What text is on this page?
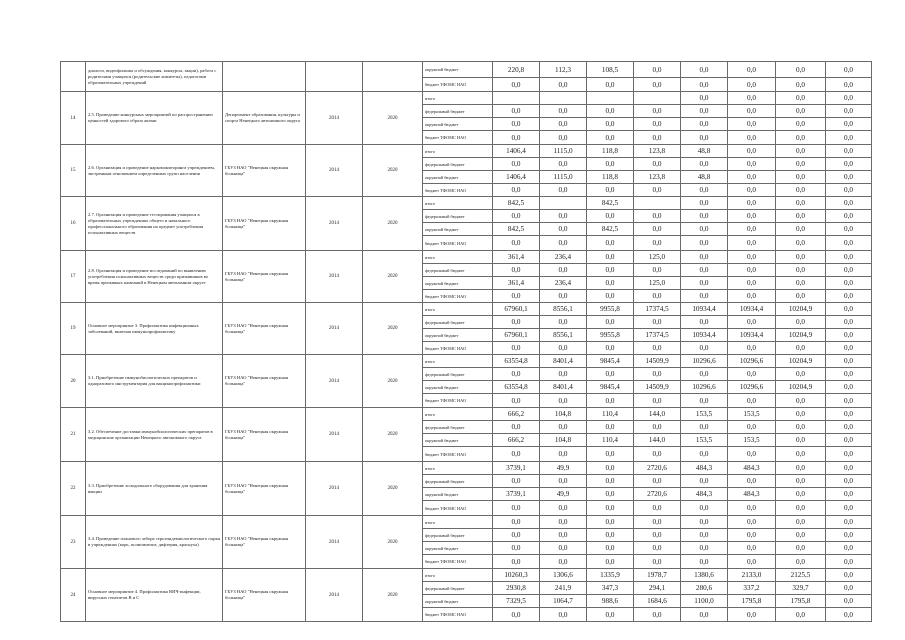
	диалоги, видеофильмы и обсуждения, конкурсы, акции), работа с родителями учащихся (родительские комитеты), педагогами образовательных учреждений				окружной бюджет	220,8	112,3	108,5	0,0	0,0	0,0	0,0	0,0
					бюджет ТФОМС НАО	0,0	0,0	0,0	0,0	0,0	0,0	0,0	0,0
14	2.5. Проведение конкурсных мероприятий по распространению ценностей здорового образа жизни	Департамент образования, культуры и спорта Ненецкого автономного округа	2014	2020	итого					0,0	0,0	0,0	0,0
					федеральный бюджет	0,0	0,0	0,0	0,0	0,0	0,0	0,0	0,0
					окружной бюджет	0,0	0,0	0,0	0,0	0,0	0,0	0,0	0,0
					бюджет ТФОМС НАО	0,0	0,0	0,0	0,0	0,0	0,0	0,0	0,0
15	2.6. Организация и проведение наркомониторинга учреждением, экстренным отношением определенных групп населения	ГБУЗ НАО "Ненецкая окружная больница"	2014	2020	итого	1406,4	1115,0	118,8	123,8	48,8	0,0	0,0	0,0
					федеральный бюджет	0,0	0,0	0,0	0,0	0,0	0,0	0,0	0,0
					окружной бюджет	1406,4	1115,0	118,8	123,8	48,8	0,0	0,0	0,0
					бюджет ТФОМС НАО	0,0	0,0	0,0	0,0	0,0	0,0	0,0	0,0
16	2.7. Организация и проведение тестирования учащихся в образовательных учреждениях общего и начального профессионального образования на предмет употребления психоактивных веществ	ГБУЗ НАО "Ненецкая окружная больница"	2014	2020	итого	842,5		842,5		0,0	0,0	0,0	0,0
					федеральный бюджет	0,0	0,0	0,0	0,0	0,0	0,0	0,0	0,0
					окружной бюджет	842,5	0,0	842,5	0,0	0,0	0,0	0,0	0,0
					бюджет ТФОМС НАО	0,0	0,0	0,0	0,0	0,0	0,0	0,0	0,0
17	2.8. Организация и проведение исследований по выявлению употребления психоактивных веществ среди призывников во время призывных кампаний в Ненецком автономном округе	ГБУЗ НАО "Ненецкая окружная больница"	2014	2020	итого	361,4	236,4	0,0	125,0	0,0	0,0	0,0	0,0
					федеральный бюджет	0,0	0,0	0,0	0,0	0,0	0,0	0,0	0,0
					окружной бюджет	361,4	236,4	0,0	125,0	0,0	0,0	0,0	0,0
					бюджет ТФОМС НАО	0,0	0,0	0,0	0,0	0,0	0,0	0,0	0,0
19	Основное мероприятие 3. Профилактика инфекционных заболеваний, включая иммунопрофилактику	ГБУЗ НАО "Ненецкая окружная больница"	2014	2020	итого	67960,1	8556,1	9955,8	17374,5	10934,4	10934,4	10204,9	0,0
					федеральный бюджет	0,0	0,0	0,0	0,0	0,0	0,0	0,0	0,0
					окружной бюджет	67960,1	8556,1	9955,8	17374,5	10934,4	10934,4	10204,9	0,0
					бюджет ТФОМС НАО	0,0	0,0	0,0	0,0	0,0	0,0	0,0	0,0
20	3.1. Приобретение иммунобиологических препаратов и одноразового инструментария для вакцинопрофилактики	ГБУЗ НАО "Ненецкая окружная больница"	2014	2020	итого	63554,8	8401,4	9845,4	14509,9	10296,6	10296,6	10204,9	0,0
					федеральный бюджет	0,0	0,0	0,0	0,0	0,0	0,0	0,0	0,0
					окружной бюджет	63554,8	8401,4	9845,4	14509,9	10296,6	10296,6	10204,9	0,0
					бюджет ТФОМС НАО	0,0	0,0	0,0	0,0	0,0	0,0	0,0	0,0
21	3.2. Обеспечение доставки иммунобиологических препаратов в медицинские организации Ненецкого автономного округа	ГБУЗ НАО "Ненецкая окружная больница"	2014	2020	итого	666,2	104,8	110,4	144,0	153,5	153,5	0,0	0,0
					федеральный бюджет	0,0	0,0	0,0	0,0	0,0	0,0	0,0	0,0
					окружной бюджет	666,2	104,8	110,4	144,0	153,5	153,5	0,0	0,0
					бюджет ТФОМС НАО	0,0	0,0	0,0	0,0	0,0	0,0	0,0	0,0
22	3.3. Приобретение холодильного оборудования для хранения вакцин	ГБУЗ НАО "Ненецкая окружная больница"	2014	2020	итого	3739,1	49,9	0,0	2720,6	484,3	484,3	0,0	0,0
					федеральный бюджет	0,0	0,0	0,0	0,0	0,0	0,0	0,0	0,0
					окружной бюджет	3739,1	49,9	0,0	2720,6	484,3	484,3	0,0	0,0
					бюджет ТФОМС НАО	0,0	0,0	0,0	0,0	0,0	0,0	0,0	0,0
23	3.4. Проведение планового забора сероэпидемиологического сырья в учреждениях (корь, полиомиелит, дифтерия, краснуха)	ГБУЗ НАО "Ненецкая окружная больница"	2014	2020	итого	0,0	0,0	0,0	0,0	0,0	0,0	0,0	0,0
					федеральный бюджет	0,0	0,0	0,0	0,0	0,0	0,0	0,0	0,0
					окружной бюджет	0,0	0,0	0,0	0,0	0,0	0,0	0,0	0,0
					бюджет ТФОМС НАО	0,0	0,0	0,0	0,0	0,0	0,0	0,0	0,0
24	Основное мероприятие 4. Профилактика ВИЧ-инфекции, вирусных гепатитов В и С	ГБУЗ НАО "Ненецкая окружная больница"	2014	2020	итого	10260,3	1306,6	1335,9	1978,7	1380,6	2133,0	2125,5	0,0
					федеральный бюджет	2930,8	241,9	347,3	294,1	280,6	337,2	329,7	0,0
					окружной бюджет	7329,5	1064,7	988,6	1684,6	1100,0	1795,8	1795,8	0,0
					бюджет ТФОМС НАО	0,0	0,0	0,0	0,0	0,0	0,0	0,0	0,0
